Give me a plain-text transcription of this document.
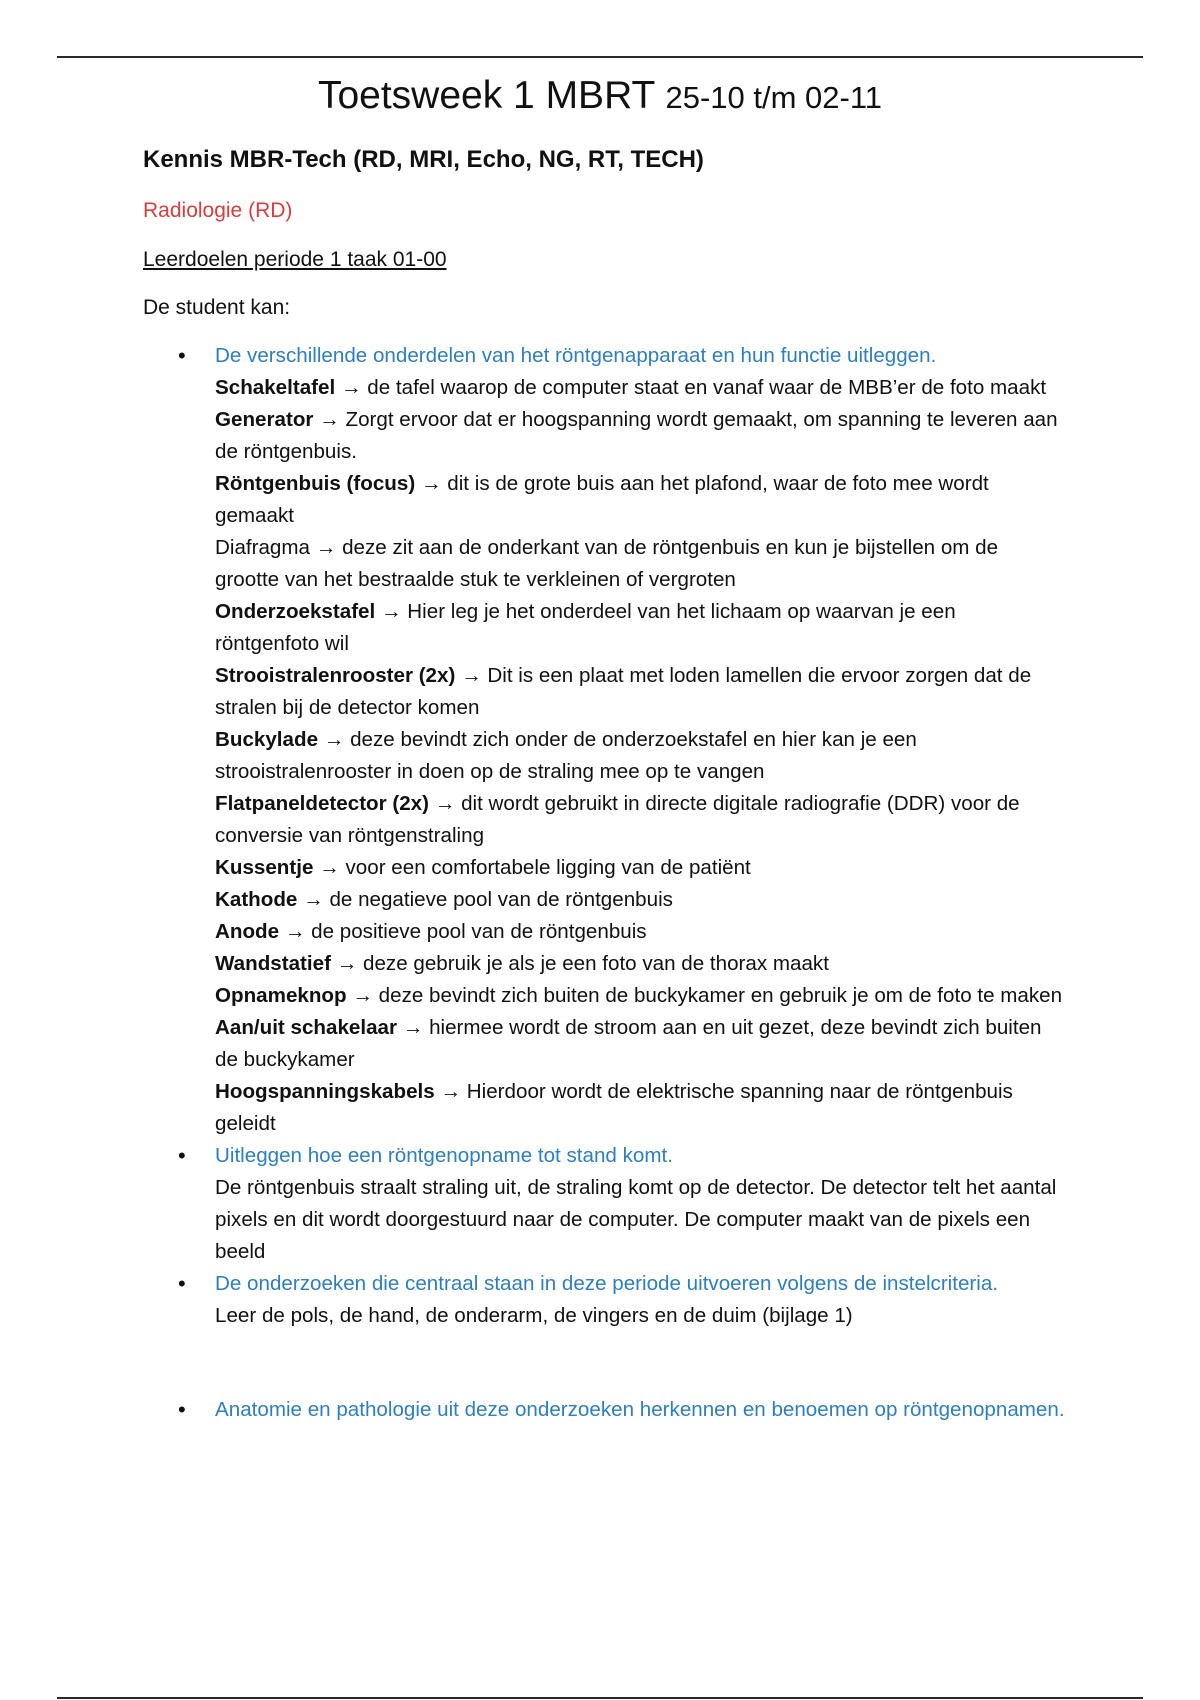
Toetsweek 1 MBRT 25-10 t/m 02-11
Kennis MBR-Tech (RD, MRI, Echo, NG, RT, TECH)
Radiologie (RD)
Leerdoelen periode 1 taak 01-00
De student kan:
• De verschillende onderdelen van het röntgenapparaat en hun functie uitleggen.
Schakeltafel → de tafel waarop de computer staat en vanaf waar de MBB’er de foto maakt
Generator → Zorgt ervoor dat er hoogspanning wordt gemaakt, om spanning te leveren aan de röntgenbuis.
Röntgenbuis (focus) → dit is de grote buis aan het plafond, waar de foto mee wordt gemaakt
Diafragma → deze zit aan de onderkant van de röntgenbuis en kun je bijstellen om de grootte van het bestraalde stuk te verkleinen of vergroten
Onderzoekstafel → Hier leg je het onderdeel van het lichaam op waarvan je een röntgenfoto wil
Strooistralenrooster (2x) → Dit is een plaat met loden lamellen die ervoor zorgen dat de stralen bij de detector komen
Buckylade → deze bevindt zich onder de onderzoekstafel en hier kan je een strooistralenrooster in doen op de straling mee op te vangen
Flatpaneldetector (2x) → dit wordt gebruikt in directe digitale radiografie (DDR) voor de conversie van röntgenstraling
Kussentje → voor een comfortabele ligging van de patiënt
Kathode → de negatieve pool van de röntgenbuis
Anode → de positieve pool van de röntgenbuis
Wandstatief → deze gebruik je als je een foto van de thorax maakt
Opnameknop → deze bevindt zich buiten de buckykamer en gebruik je om de foto te maken
Aan/uit schakelaar → hiermee wordt de stroom aan en uit gezet, deze bevindt zich buiten de buckykamer
Hoogspanningskabels → Hierdoor wordt de elektrische spanning naar de röntgenbuis geleidt
• Uitleggen hoe een röntgenopname tot stand komt.
De röntgenbuis straalt straling uit, de straling komt op de detector. De detector telt het aantal pixels en dit wordt doorgestuurd naar de computer. De computer maakt van de pixels een beeld
• De onderzoeken die centraal staan in deze periode uitvoeren volgens de instelcriteria.
Leer de pols, de hand, de onderarm, de vingers en de duim (bijlage 1)
• Anatomie en pathologie uit deze onderzoeken herkennen en benoemen op röntgenopnamen.
